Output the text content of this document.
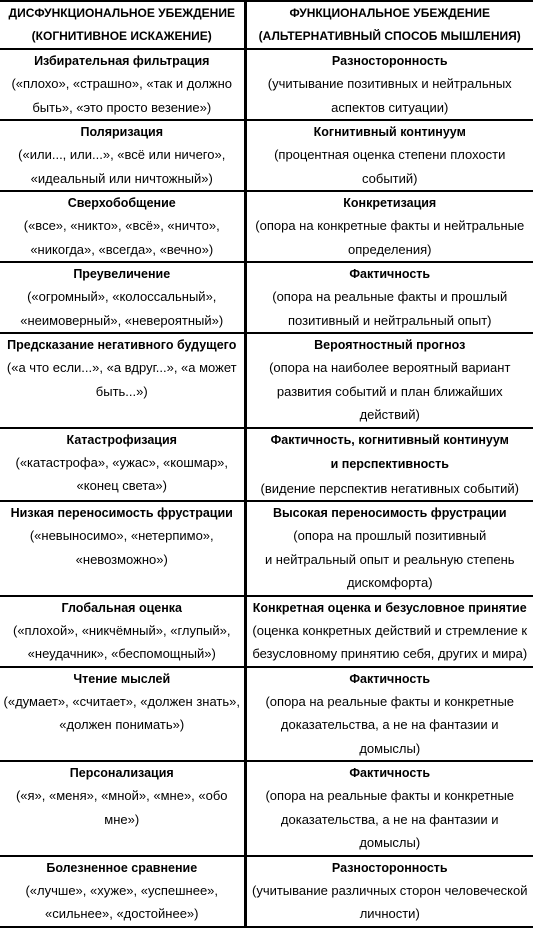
ДИСФУНКЦИОНАЛЬНОЕ УБЕЖДЕНИЕ
(КОГНИТИВНОЕ ИСКАЖЕНИЕ)	ФУНКЦИОНАЛЬНОЕ УБЕЖДЕНИЕ
(АЛЬТЕРНАТИВНЫЙ СПОСОБ МЫШЛЕНИЯ)

Избирательная фильтрация
(«плохо», «страшно», «так и должно
быть», «это просто везение»)	Разносторонность
(учитывание позитивных и нейтральных
аспектов ситуации)

Поляризация
(«или..., или...», «всё или ничего»,
«идеальный или ничтожный»)	Когнитивный континуум
(процентная оценка степени плохости
событий)

Сверхобобщение
(«все», «никто», «всё», «ничто»,
«никогда», «всегда», «вечно»)	Конкретизация
(опора на конкретные факты и нейтральные
определения)

Преувеличение
(«огромный», «колоссальный»,
«неимоверный», «невероятный»)	Фактичность
(опора на реальные факты и прошлый
позитивный и нейтральный опыт)

Предсказание негативного будущего
(«а что если...», «а вдруг...», «а может
быть...»)	Вероятностный прогноз
(опора на наиболее вероятный вариант
развития событий и план ближайших
действий)

Катастрофизация
(«катастрофа», «ужас», «кошмар»,
«конец света»)	Фактичность, когнитивный континуум
и перспективность
(видение перспектив негативных событий)

Низкая переносимость фрустрации
(«невыносимо», «нетерпимо»,
«невозможно»)	Высокая переносимость фрустрации
(опора на прошлый позитивный
и нейтральный опыт и реальную степень
дискомфорта)

Глобальная оценка
(«плохой», «никчёмный», «глупый»,
«неудачник», «беспомощный»)	Конкретная оценка и безусловное принятие
(оценка конкретных действий и стремление к
безусловному принятию себя, других и мира)

Чтение мыслей
(«думает», «считает», «должен знать»,
«должен понимать»)	Фактичность
(опора на реальные факты и конкретные
доказательства, а не на фантазии и домыслы)

Персонализация
(«я», «меня», «мной», «мне», «обо
мне»)	Фактичность
(опора на реальные факты и конкретные
доказательства, а не на фантазии и домыслы)

Болезненное сравнение
(«лучше», «хуже», «успешнее»,
«сильнее», «достойнее»)	Разносторонность
(учитывание различных сторон человеческой
личности)
